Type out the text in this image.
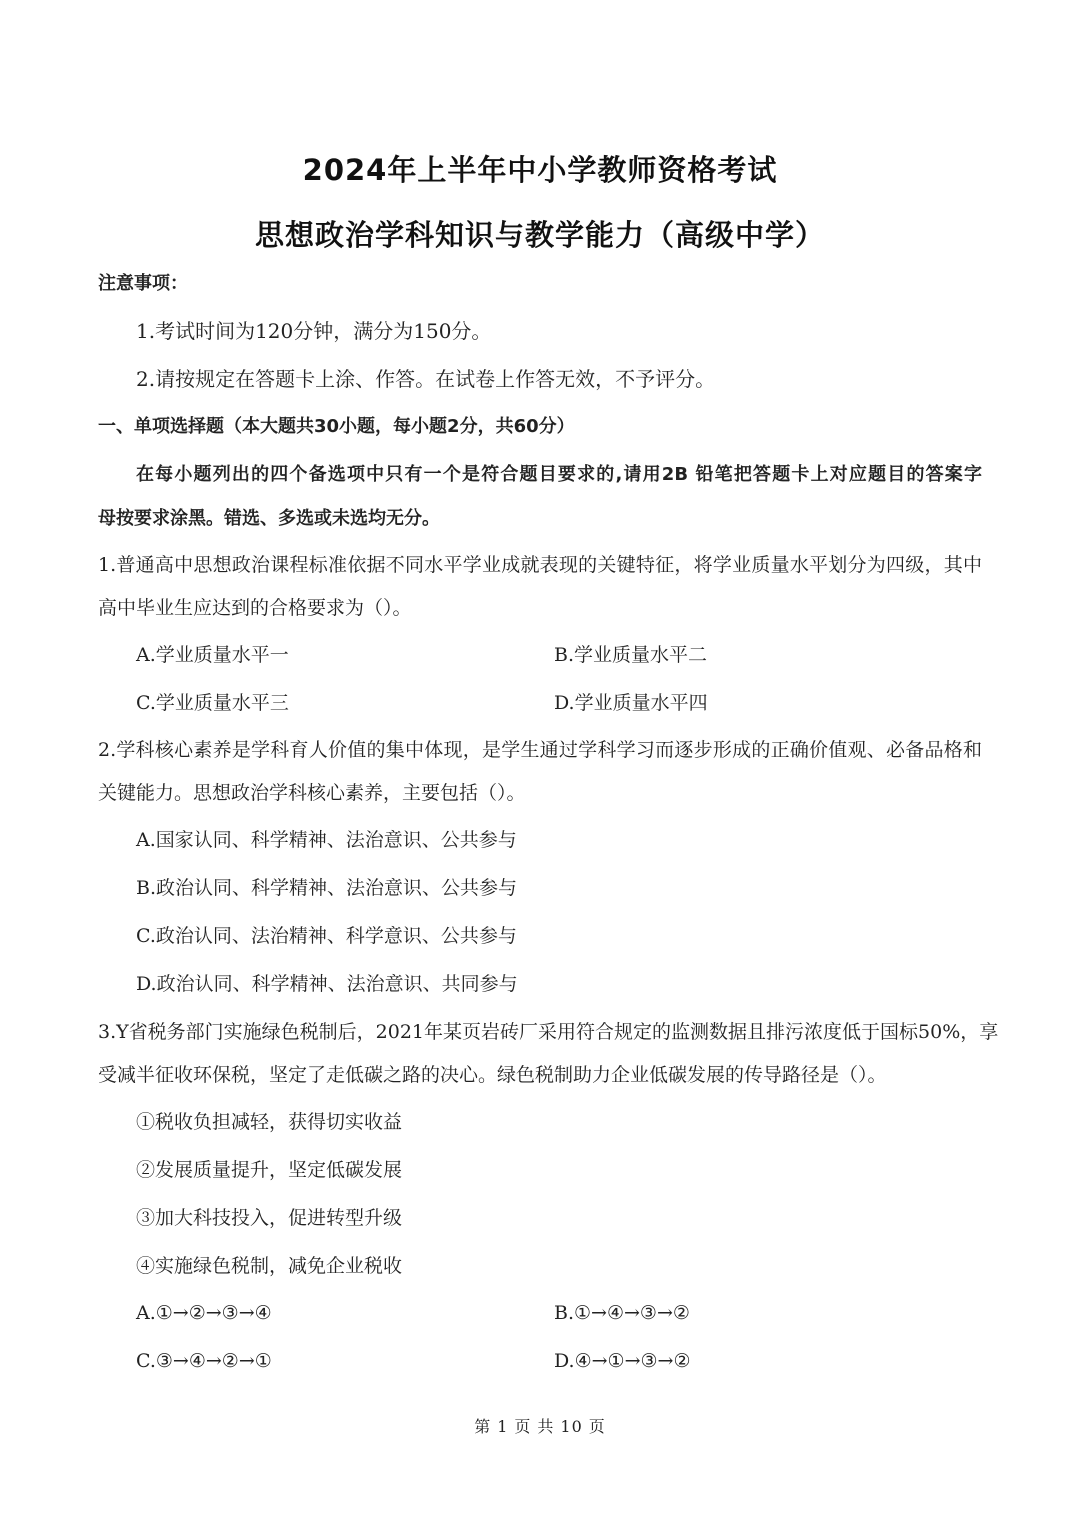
2024年上半年中小学教师资格考试
思想政治学科知识与教学能力（高级中学）
注意事项：
1.考试时间为120分钟，满分为150分。
2.请按规定在答题卡上涂、作答。在试卷上作答无效，不予评分。
一、单项选择题（本大题共30小题，每小题2分，共60分）
在每小题列出的四个备选项中只有一个是符合题目要求的,请用2B 铅笔把答题卡上对应题目的答案字
母按要求涂黑。错选、多选或未选均无分。
1.普通高中思想政治课程标准依据不同水平学业成就表现的关键特征，将学业质量水平划分为四级，其中
高中毕业生应达到的合格要求为（）。
A.学业质量水平一	B.学业质量水平二
C.学业质量水平三	D.学业质量水平四
2.学科核心素养是学科育人价值的集中体现，是学生通过学科学习而逐步形成的正确价值观、必备品格和
关键能力。思想政治学科核心素养，主要包括（）。
A.国家认同、科学精神、法治意识、公共参与
B.政治认同、科学精神、法治意识、公共参与
C.政治认同、法治精神、科学意识、公共参与
D.政治认同、科学精神、法治意识、共同参与
3.Y省税务部门实施绿色税制后，2021年某页岩砖厂采用符合规定的监测数据且排污浓度低于国标50%，享
受减半征收环保税，坚定了走低碳之路的决心。绿色税制助力企业低碳发展的传导路径是（）。
①税收负担减轻，获得切实收益
②发展质量提升，坚定低碳发展
③加大科技投入，促进转型升级
④实施绿色税制，减免企业税收
A.①→②→③→④	B.①→④→③→②
C.③→④→②→①	D.④→①→③→②
第 1 页 共 10 页
